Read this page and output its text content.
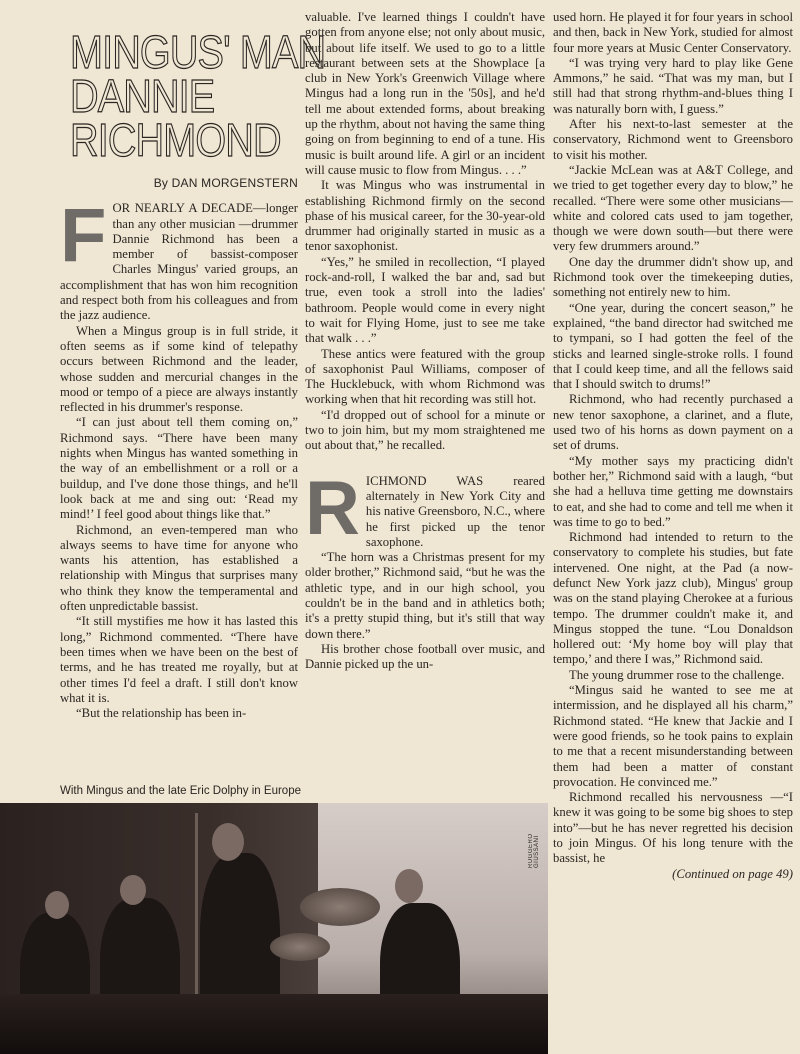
MINGUS' MAN
DANNIE
RICHMOND
By DAN MORGENSTERN

FOR NEARLY A DECADE—longer than any other musician —drummer Dannie Richmond has been a member of bassist-composer Charles Mingus' varied groups, an accomplishment that has won him recognition and respect both from his colleagues and from the jazz audience.

When a Mingus group is in full stride, it often seems as if some kind of telepathy occurs between Richmond and the leader, whose sudden and mercurial changes in the mood or tempo of a piece are always instantly reflected in his drummer's response.

“I can just about tell them coming on,” Richmond says. “There have been many nights when Mingus has wanted something in the way of an embellishment or a roll or a buildup, and I've done those things, and he'll look back at me and sing out: ‘Read my mind!’ I feel good about things like that.”

Richmond, an even-tempered man who always seems to have time for anyone who wants his attention, has established a relationship with Mingus that surprises many who think they know the temperamental and often unpredictable bassist.

“It still mystifies me how it has lasted this long,” Richmond commented. “There have been times when we have been on the best of terms, and he has treated me royally, but at other times I'd feel a draft. I still don't know what it is.

“But the relationship has been in-

valuable. I've learned things I couldn't have gotten from anyone else; not only about music, but about life itself. We used to go to a little restaurant between sets at the Showplace [a club in New York's Greenwich Village where Mingus had a long run in the '50s], and he'd tell me about extended forms, about breaking up the rhythm, about not having the same thing going on from beginning to end of a tune. His music is built around life. A girl or an incident will cause music to flow from Mingus. . . .”

It was Mingus who was instrumental in establishing Richmond firmly on the second phase of his musical career, for the 30-year-old drummer had originally started in music as a tenor saxophonist.

“Yes,” he smiled in recollection, “I played rock-and-roll, I walked the bar and, sad but true, even took a stroll into the ladies' bathroom. People would come in every night to wait for Flying Home, just to see me take that walk . . .”

These antics were featured with the group of saxophonist Paul Williams, composer of The Hucklebuck, with whom Richmond was working when that hit recording was still hot.

“I'd dropped out of school for a minute or two to join him, but my mom straightened me out about that,” he recalled.

RICHMOND WAS reared alternately in New York City and his native Greensboro, N.C., where he first picked up the tenor saxophone.

“The horn was a Christmas present for my older brother,” Richmond said, “but he was the athletic type, and in our high school, you couldn't be in the band and in athletics both; it's a pretty stupid thing, but it's still that way down there.”

His brother chose football over music, and Dannie picked up the un-

used horn. He played it for four years in school and then, back in New York, studied for almost four more years at Music Center Conservatory.

“I was trying very hard to play like Gene Ammons,” he said. “That was my man, but I still had that strong rhythm-and-blues thing I was naturally born with, I guess.”

After his next-to-last semester at the conservatory, Richmond went to Greensboro to visit his mother.

“Jackie McLean was at A&T College, and we tried to get together every day to blow,” he recalled. “There were some other musicians—white and colored cats used to jam together, though we were down south—but there were very few drummers around.”

One day the drummer didn't show up, and Richmond took over the timekeeping duties, something not entirely new to him.

“One year, during the concert season,” he explained, “the band director had switched me to tympani, so I had gotten the feel of the sticks and learned single-stroke rolls. I found that I could keep time, and all the fellows said that I should switch to drums!”

Richmond, who had recently purchased a new tenor saxophone, a clarinet, and a flute, used two of his horns as down payment on a set of drums.

“My mother says my practicing didn't bother her,” Richmond said with a laugh, “but she had a helluva time getting me downstairs to eat, and she had to come and tell me when it was time to go to bed.”

Richmond had intended to return to the conservatory to complete his studies, but fate intervened. One night, at the Pad (a now-defunct New York jazz club), Mingus' group was on the stand playing Cherokee at a furious tempo. The drummer couldn't make it, and Mingus stopped the tune. “Lou Donaldson hollered out: ‘My home boy will play that tempo,’ and there I was,” Richmond said.

The young drummer rose to the challenge.

“Mingus said he wanted to see me at intermission, and he displayed all his charm,” Richmond stated. “He knew that Jackie and I were good friends, so he took pains to explain to me that a recent misunderstanding between them had been a matter of constant provocation. He convinced me.”

Richmond recalled his nervousness —“I knew it was going to be some big shoes to step into”—but he has never regretted his decision to join Mingus. Of his long tenure with the bassist, he

(Continued on page 49)

With Mingus and the late Eric Dolphy in Europe
RUGGERO GIUSSANI
